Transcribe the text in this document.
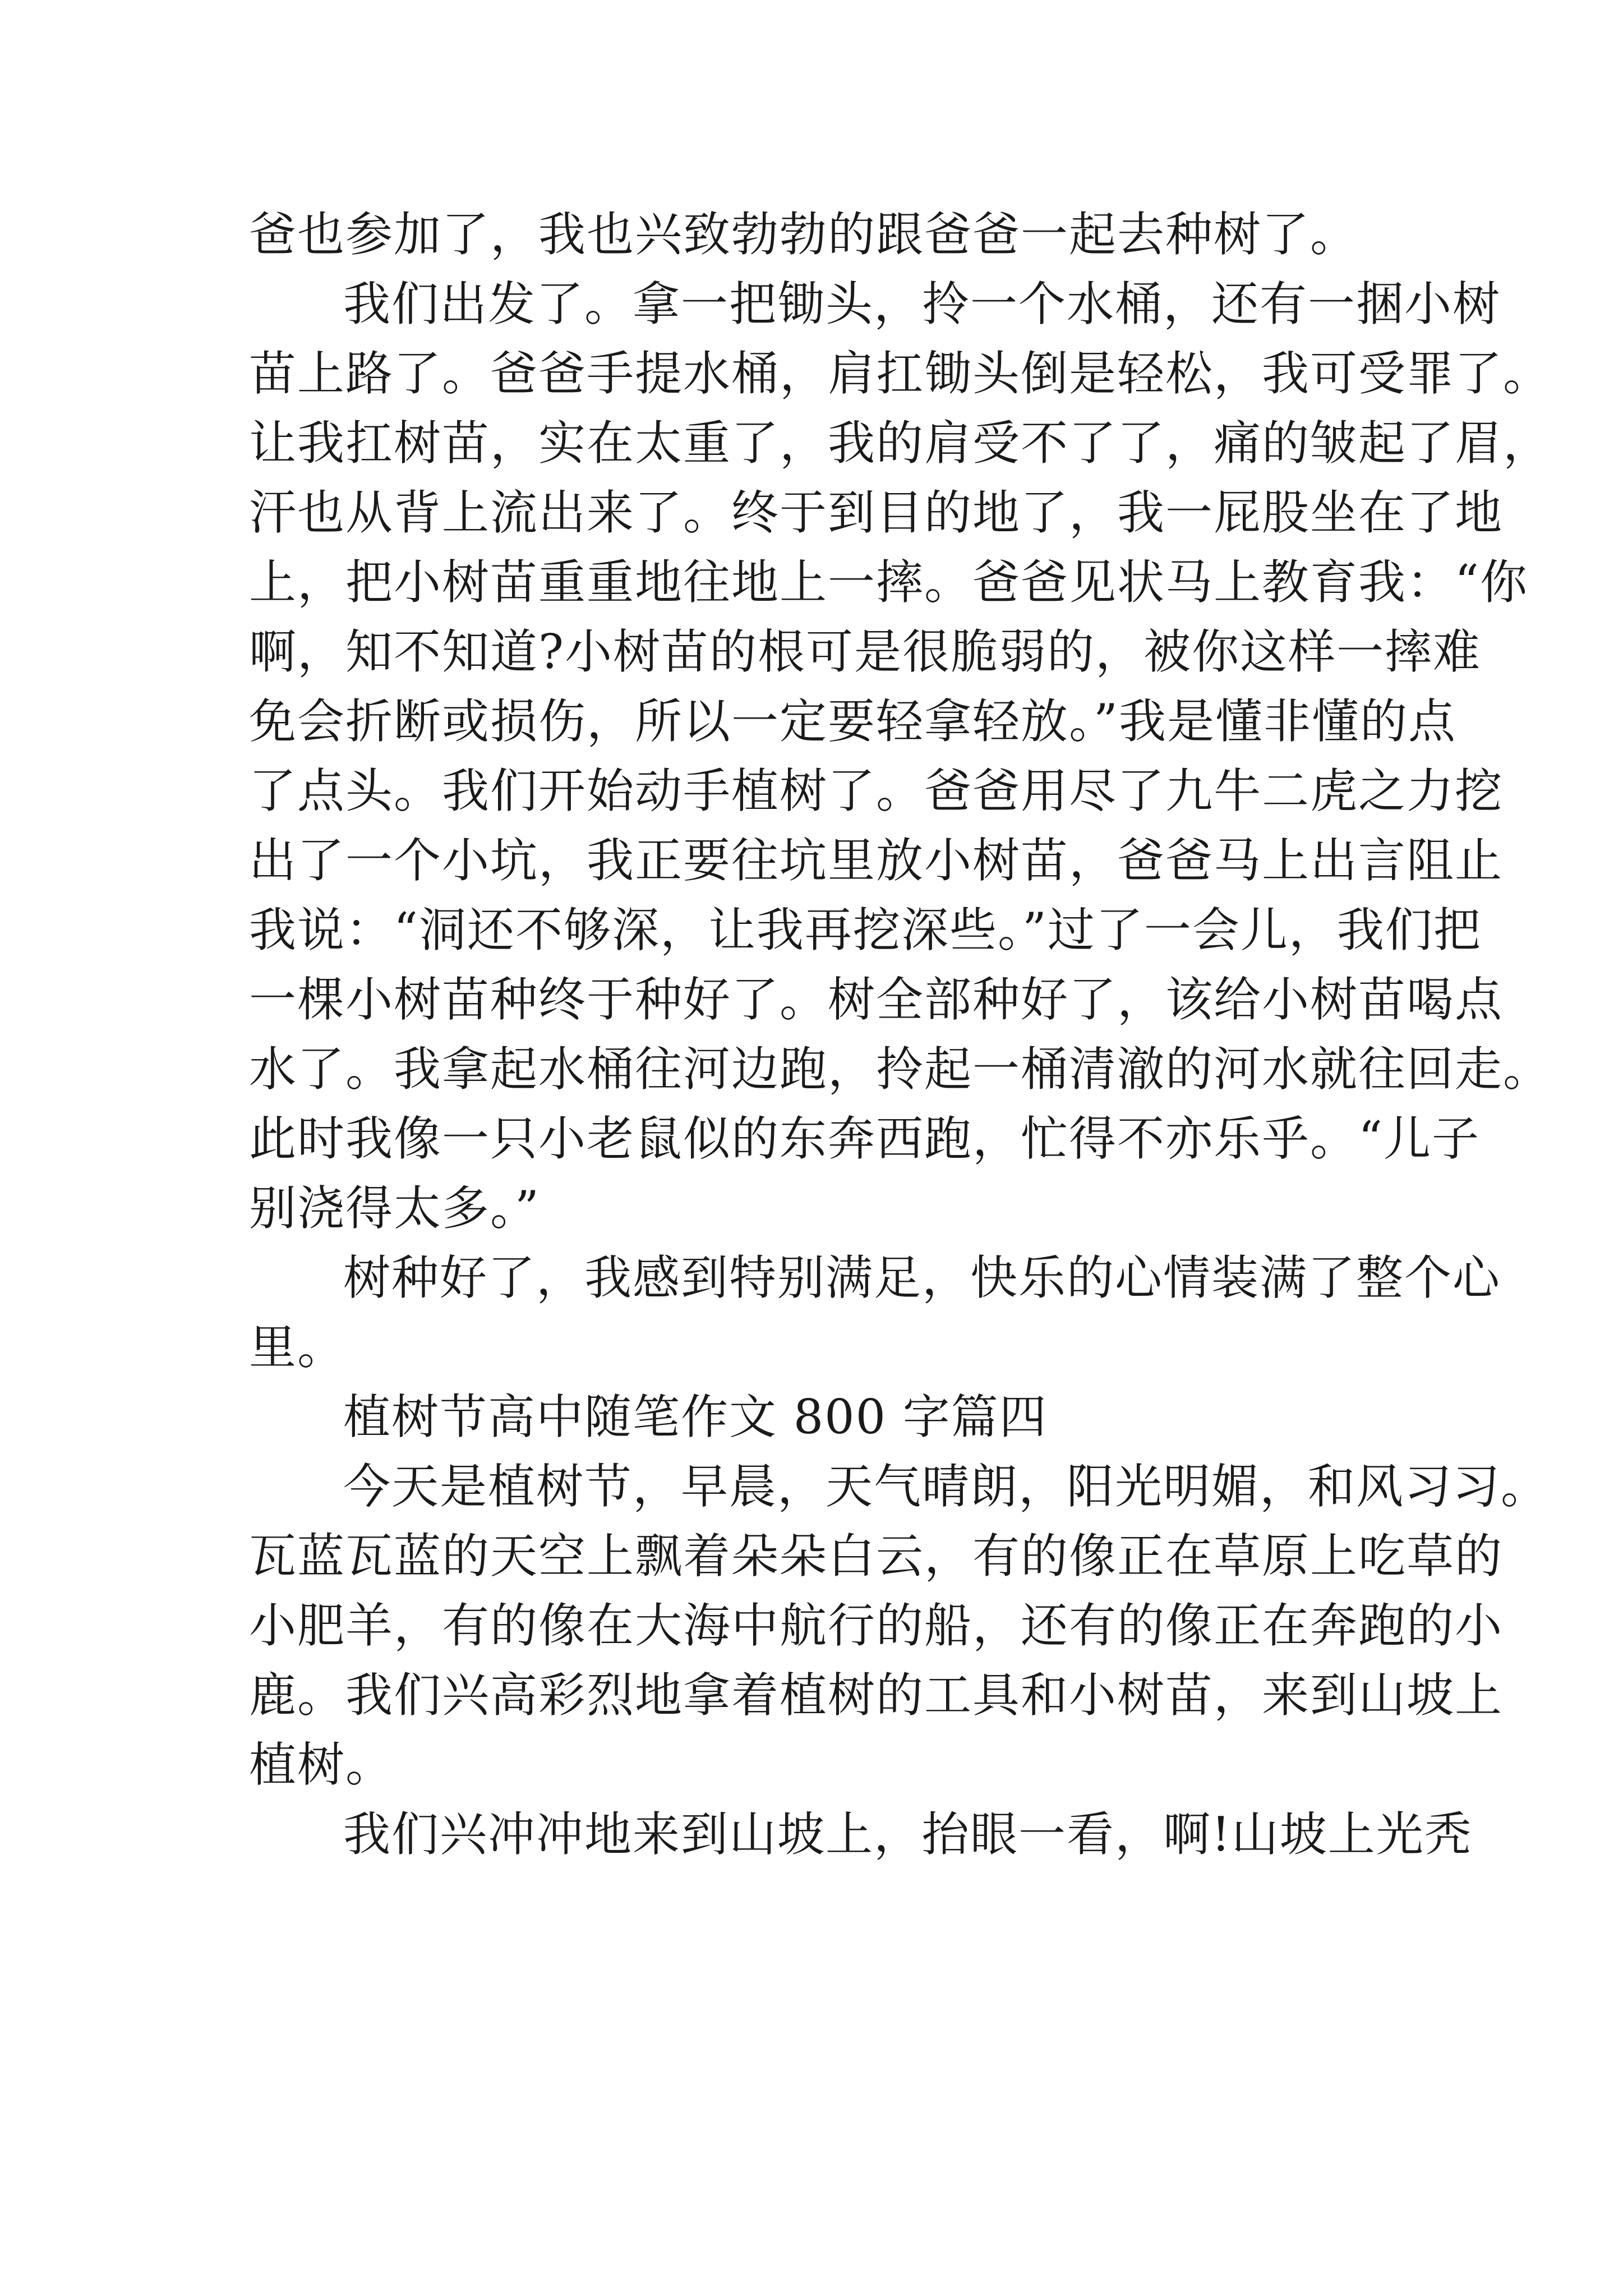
爸也参加了，我也兴致勃勃的跟爸爸一起去种树了。
我们出发了。拿一把锄头，拎一个水桶，还有一捆小树
苗上路了。爸爸手提水桶，肩扛锄头倒是轻松，我可受罪了。
让我扛树苗，实在太重了，我的肩受不了了，痛的皱起了眉，
汗也从背上流出来了。终于到目的地了，我一屁股坐在了地
上，把小树苗重重地往地上一摔。爸爸见状马上教育我：“你
啊，知不知道?小树苗的根可是很脆弱的，被你这样一摔难
免会折断或损伤，所以一定要轻拿轻放。”我是懂非懂的点
了点头。我们开始动手植树了。爸爸用尽了九牛二虎之力挖
出了一个小坑，我正要往坑里放小树苗，爸爸马上出言阻止
我说：“洞还不够深，让我再挖深些。”过了一会儿，我们把
一棵小树苗种终于种好了。树全部种好了，该给小树苗喝点
水了。我拿起水桶往河边跑，拎起一桶清澈的河水就往回走。
此时我像一只小老鼠似的东奔西跑，忙得不亦乐乎。“儿子
别浇得太多。”
树种好了，我感到特别满足，快乐的心情装满了整个心
里。
植树节高中随笔作文 800 字篇四
今天是植树节，早晨，天气晴朗，阳光明媚，和风习习。
瓦蓝瓦蓝的天空上飘着朵朵白云，有的像正在草原上吃草的
小肥羊，有的像在大海中航行的船，还有的像正在奔跑的小
鹿。我们兴高彩烈地拿着植树的工具和小树苗，来到山坡上
植树。
我们兴冲冲地来到山坡上，抬眼一看，啊!山坡上光秃
